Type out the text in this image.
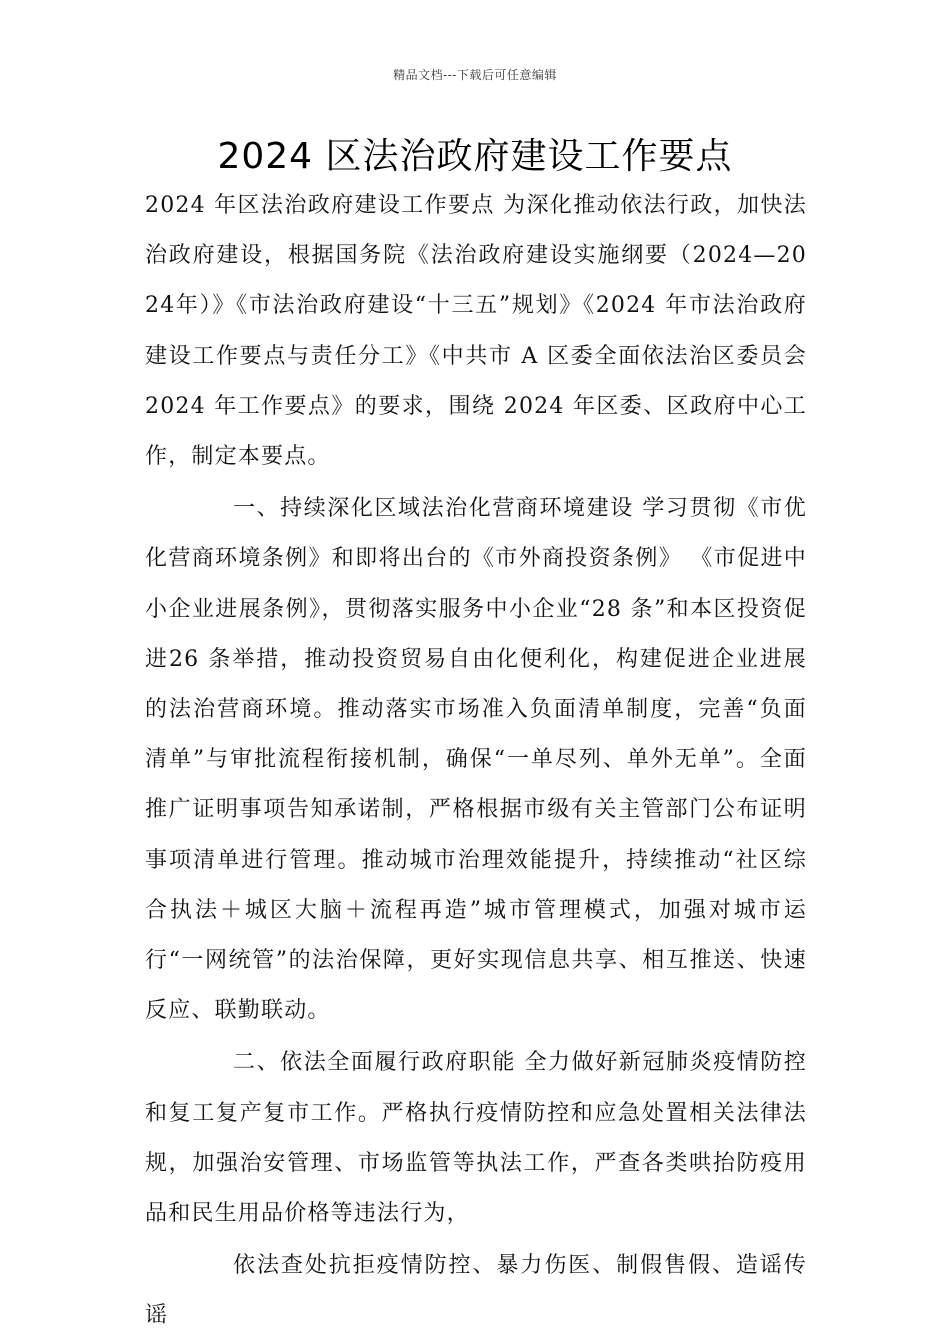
精品文档---下载后可任意编辑
2024 区法治政府建设工作要点

2024 年区法治政府建设工作要点 为深化推动依法行政，加快法治政府建设，根据国务院《法治政府建设实施纲要（2024—2024年）》《市法治政府建设“十三五”规划》《2024 年市法治政府建设工作要点与责任分工》《中共市 A 区委全面依法治区委员会 2024 年工作要点》的要求，围绕 2024 年区委、区政府中心工作，制定本要点。

一、持续深化区域法治化营商环境建设 学习贯彻《市优化营商环境条例》和即将出台的《市外商投资条例》 《市促进中小企业进展条例》，贯彻落实服务中小企业“28 条”和本区投资促进26 条举措，推动投资贸易自由化便利化，构建促进企业进展的法治营商环境。推动落实市场准入负面清单制度，完善“负面清单”与审批流程衔接机制，确保“一单尽列、单外无单”。全面推广证明事项告知承诺制，严格根据市级有关主管部门公布证明事项清单进行管理。推动城市治理效能提升，持续推动“社区综合执法＋城区大脑＋流程再造”城市管理模式，加强对城市运行“一网统管”的法治保障，更好实现信息共享、相互推送、快速反应、联勤联动。

二、依法全面履行政府职能 全力做好新冠肺炎疫情防控和复工复产复市工作。严格执行疫情防控和应急处置相关法律法规，加强治安管理、市场监管等执法工作，严查各类哄抬防疫用品和民生用品价格等违法行为，

依法查处抗拒疫情防控、暴力伤医、制假售假、造谣传谣
